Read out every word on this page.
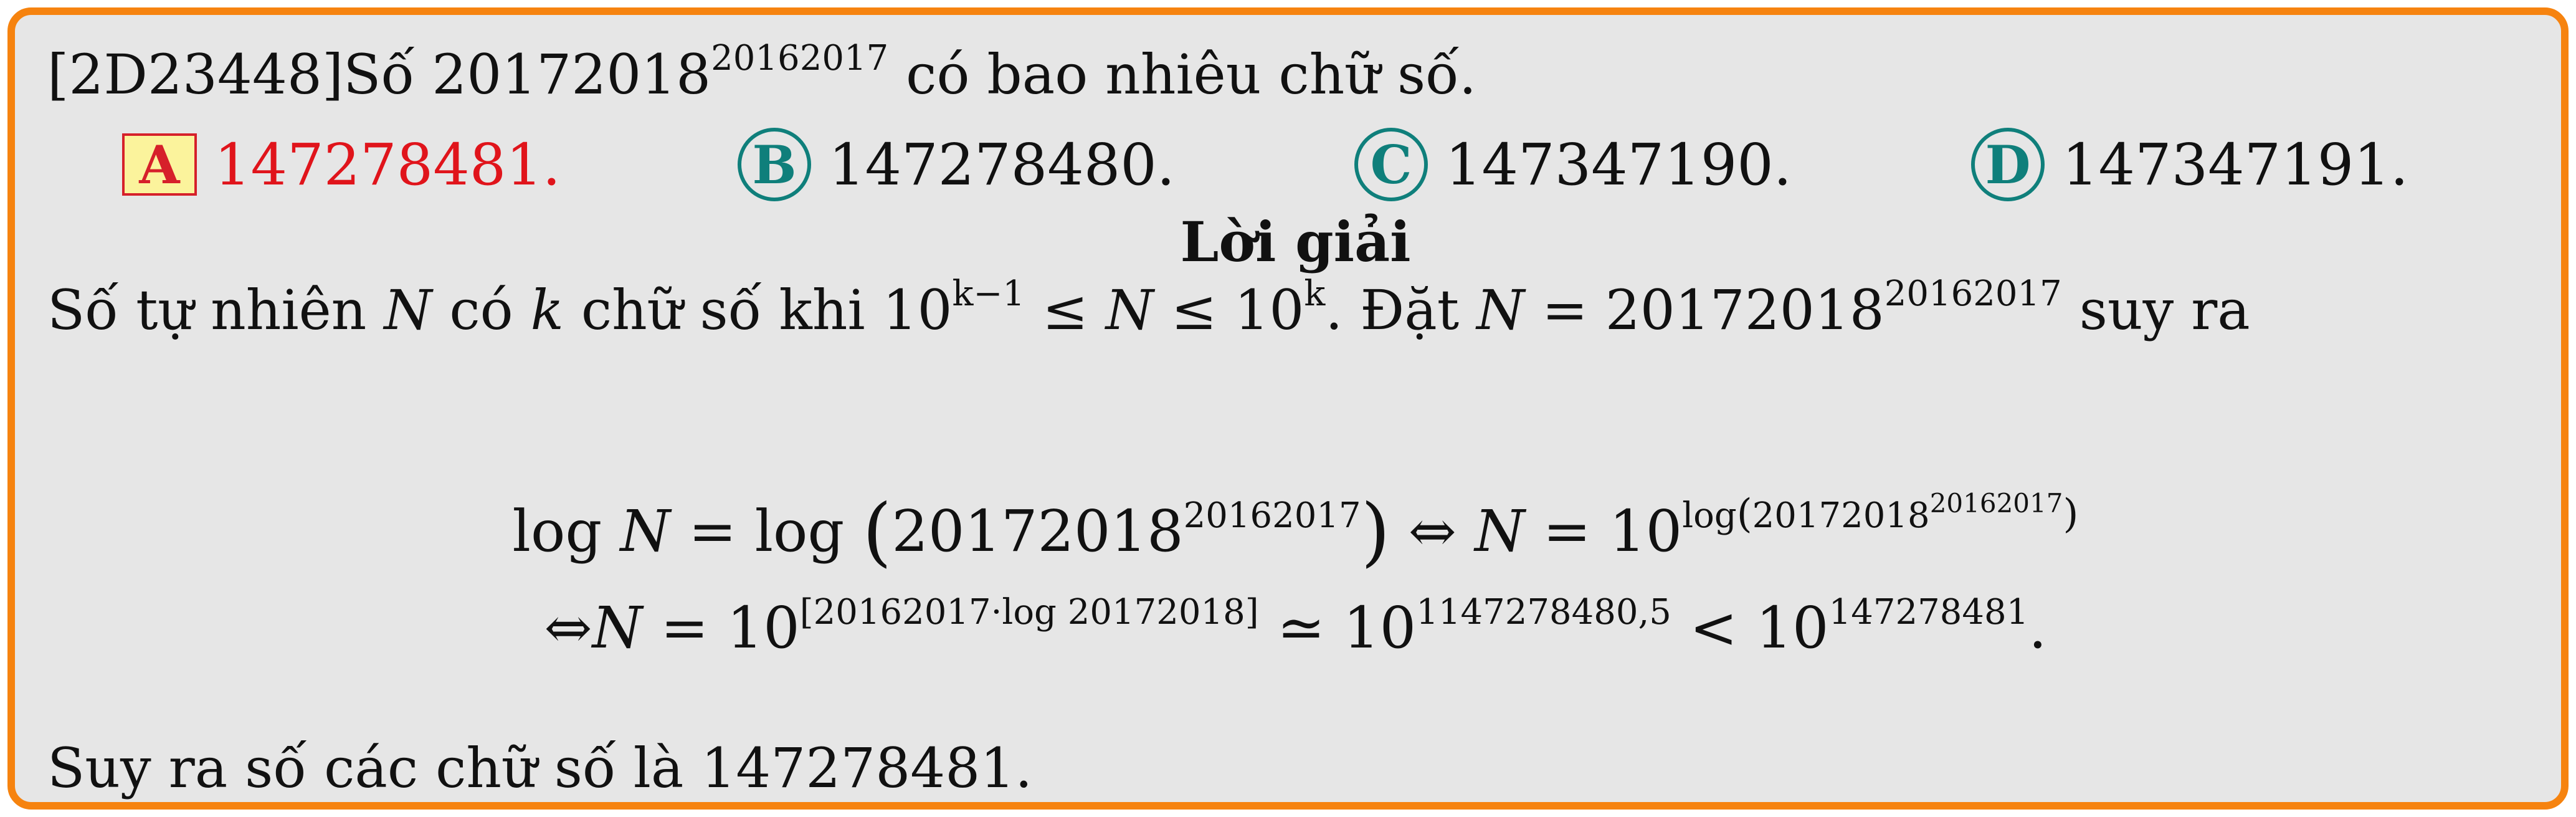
[2D23448]Số $20172018^{20162017}$ có bao nhiêu chữ số.
A 147278481.	B 147278480.	C 147347190.	D 147347191.
Lời giải
Số tự nhiên N có k chữ số khi $10^{k-1} \le N \le 10^k$. Đặt $N = 20172018^{20162017}$ suy ra
$\log N = \log (20172018^{20162017})$ ⇔ $N = 10^{log(20172018^{20162017})}$
⇔N = 10[20162017·log 20172018] ≃ $10^{1147278480,5} < 10^{147278481}$.
Suy ra số các chữ số là 147278481.
